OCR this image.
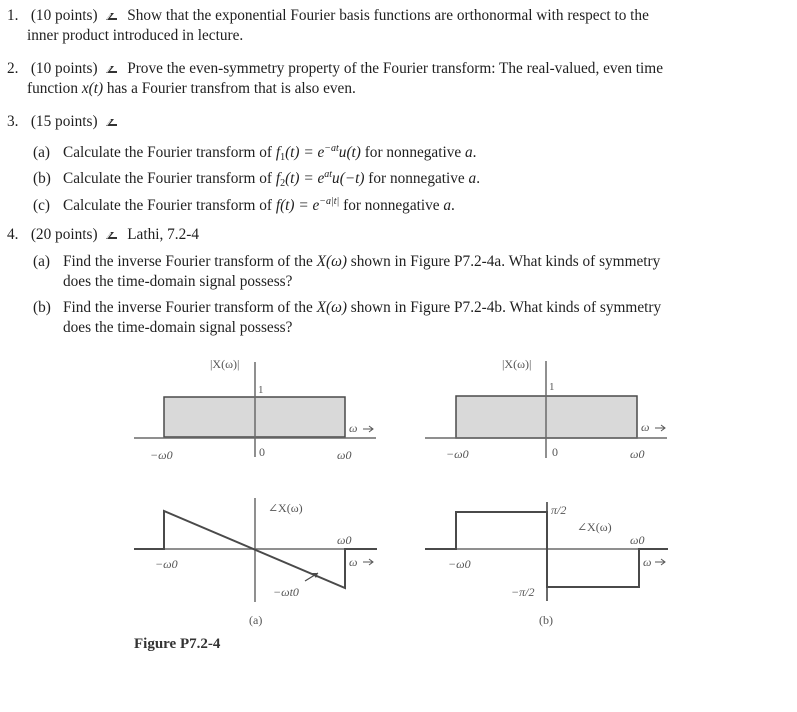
1. (10 points) Show that the exponential Fourier basis functions are orthonormal with respect to the
inner product introduced in lecture.
2. (10 points) Prove the even-symmetry property of the Fourier transform: The real-valued, even time
function x(t) has a Fourier transfrom that is also even.
3. (15 points)
(a) Calculate the Fourier transform of $f1(t) = e^{-at}u(t)$ for nonnegative a.
(b) Calculate the Fourier transform of $f2(t) = e^{at}u(-t)$ for nonnegative a.
(c) Calculate the Fourier transform of $f(t) = e^{-a|t|}$ for nonnegative a.
4. (20 points) Lathi, 7.2-4
(a) Find the inverse Fourier transform of the X(ω) shown in Figure P7.2-4a. What kinds of symmetry
does the time-domain signal possess?
(b) Find the inverse Fourier transform of the X(ω) shown in Figure P7.2-4b. What kinds of symmetry
does the time-domain signal possess?
|X(ω)|
1
ω
−ω0	0	ω0
|X(ω)|
1
ω
−ω0	0	ω0
∠X(ω)
−ω0
ω0
ω
−ωt0
(a)
π/2
∠X(ω)
−ω0
ω0
ω
−π/2
(b)
Figure P7.2-4
